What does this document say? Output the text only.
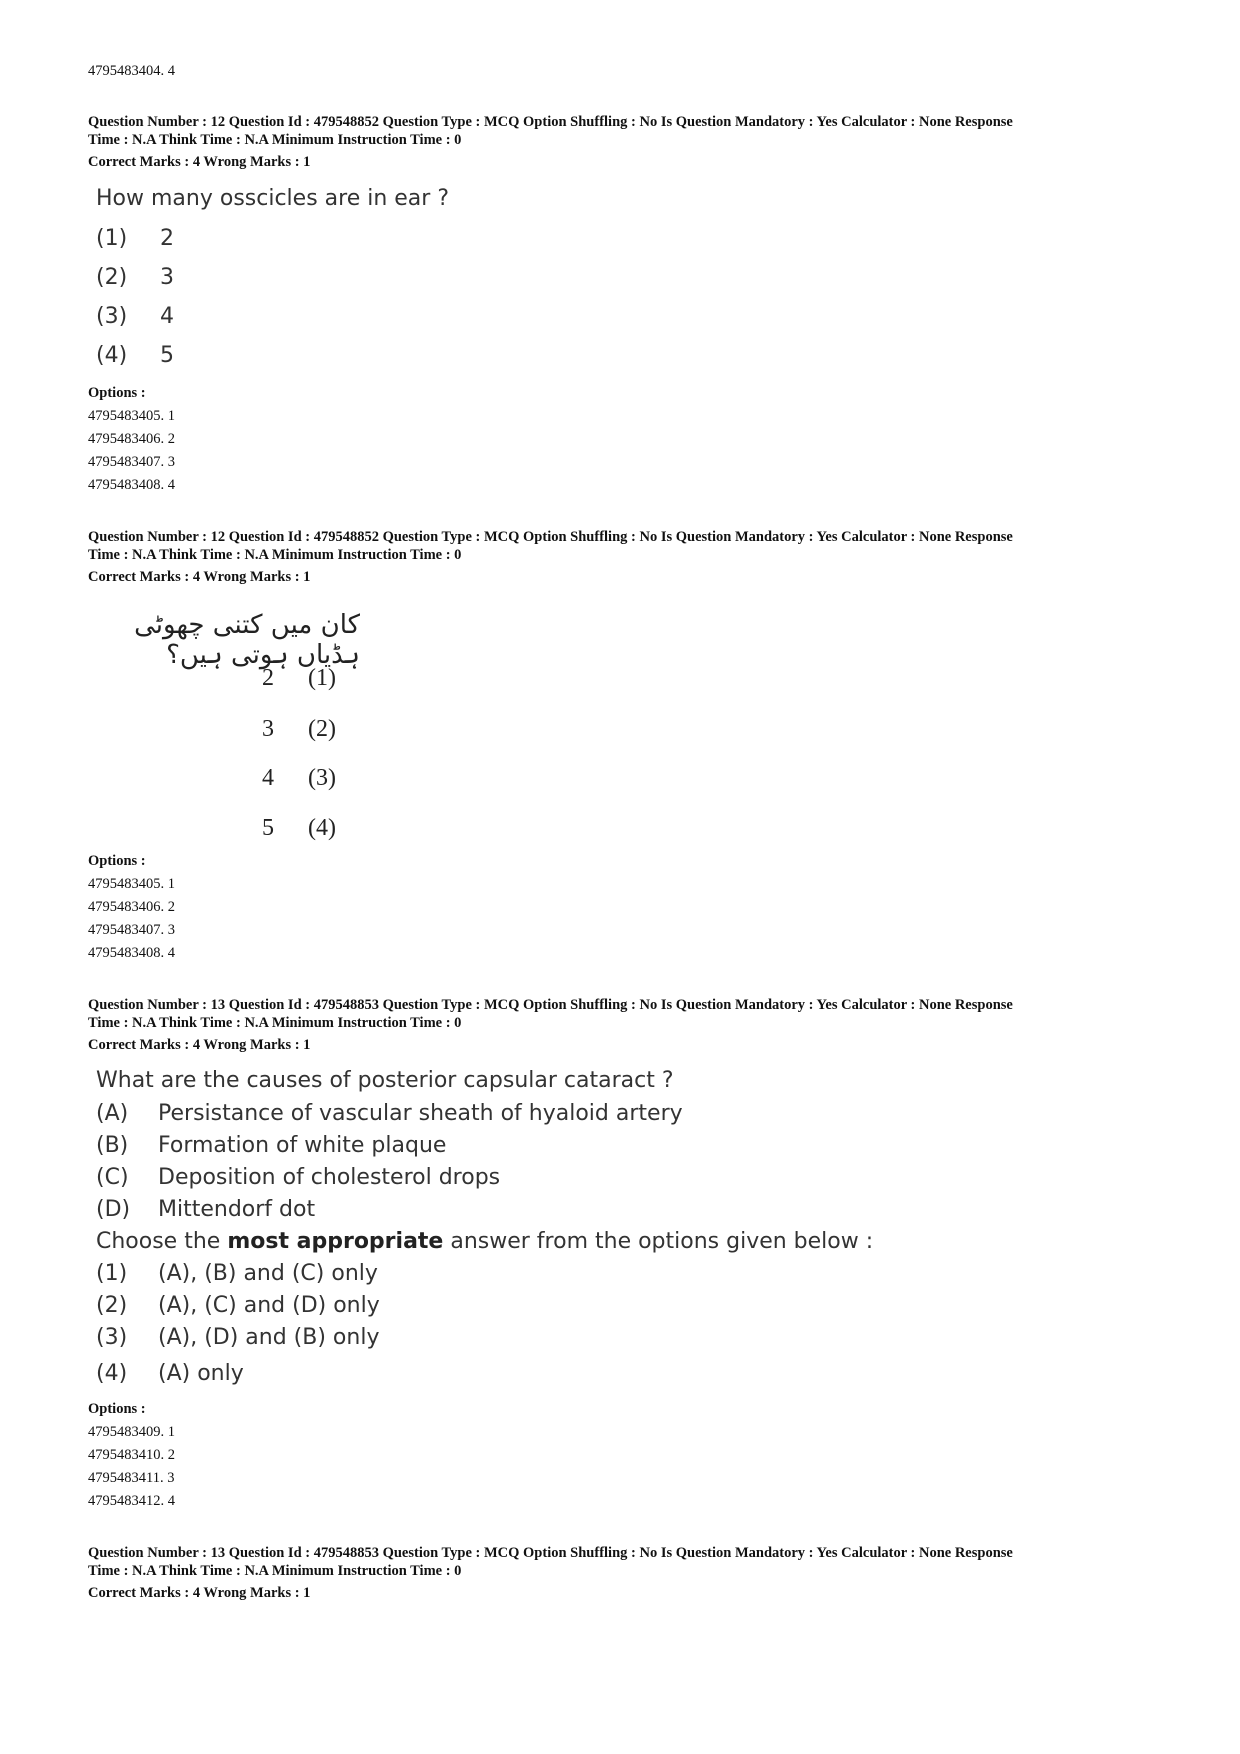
4795483404. 4
Question Number : 12 Question Id : 479548852 Question Type : MCQ Option Shuffling : No Is Question Mandatory : Yes Calculator : None Response
Time : N.A Think Time : N.A Minimum Instruction Time : 0
Correct Marks : 4 Wrong Marks : 1
How many osscicles are in ear ?
(1) 2
(2) 3
(3) 4
(4) 5
Options :
4795483405. 1
4795483406. 2
4795483407. 3
4795483408. 4
Question Number : 12 Question Id : 479548852 Question Type : MCQ Option Shuffling : No Is Question Mandatory : Yes Calculator : None Response
Time : N.A Think Time : N.A Minimum Instruction Time : 0
Correct Marks : 4 Wrong Marks : 1
کان میں کتنی چھوٹی ہڈیاں ہوتی ہیں؟
2 (1)
3 (2)
4 (3)
5 (4)
Options :
4795483405. 1
4795483406. 2
4795483407. 3
4795483408. 4
Question Number : 13 Question Id : 479548853 Question Type : MCQ Option Shuffling : No Is Question Mandatory : Yes Calculator : None Response
Time : N.A Think Time : N.A Minimum Instruction Time : 0
Correct Marks : 4 Wrong Marks : 1
What are the causes of posterior capsular cataract ?
(A) Persistance of vascular sheath of hyaloid artery
(B) Formation of white plaque
(C) Deposition of cholesterol drops
(D) Mittendorf dot
Choose the most appropriate answer from the options given below :
(1) (A), (B) and (C) only
(2) (A), (C) and (D) only
(3) (A), (D) and (B) only
(4) (A) only
Options :
4795483409. 1
4795483410. 2
4795483411. 3
4795483412. 4
Question Number : 13 Question Id : 479548853 Question Type : MCQ Option Shuffling : No Is Question Mandatory : Yes Calculator : None Response
Time : N.A Think Time : N.A Minimum Instruction Time : 0
Correct Marks : 4 Wrong Marks : 1
